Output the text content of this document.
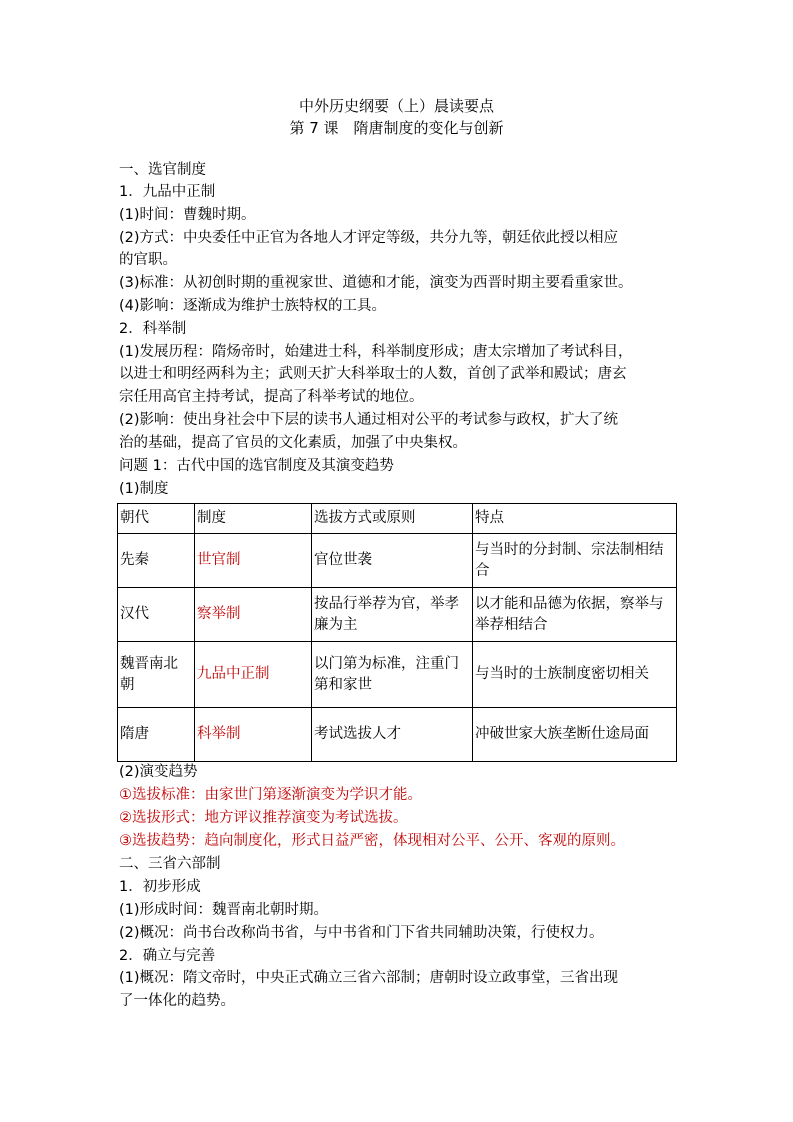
中外历史纲要（上）晨读要点
第 7 课　隋唐制度的变化与创新
一、选官制度
1．九品中正制
(1)时间：曹魏时期。
(2)方式：中央委任中正官为各地人才评定等级，共分九等，朝廷依此授以相应
的官职。
(3)标准：从初创时期的重视家世、道德和才能，演变为西晋时期主要看重家世。
(4)影响：逐渐成为维护士族特权的工具。
2．科举制
(1)发展历程：隋炀帝时，始建进士科，科举制度形成；唐太宗增加了考试科目，
以进士和明经两科为主；武则天扩大科举取士的人数，首创了武举和殿试；唐玄
宗任用高官主持考试，提高了科举考试的地位。
(2)影响：使出身社会中下层的读书人通过相对公平的考试参与政权，扩大了统
治的基础，提高了官员的文化素质，加强了中央集权。
问题 1：古代中国的选官制度及其演变趋势
(1)制度
朝代	制度	选拔方式或原则	特点
先秦	世官制	官位世袭	与当时的分封制、宗法制相结合
汉代	察举制	按品行举荐为官，举孝廉为主	以才能和品德为依据，察举与举荐相结合
魏晋南北朝	九品中正制	以门第为标准，注重门第和家世	与当时的士族制度密切相关
隋唐	科举制	考试选拔人才	冲破世家大族垄断仕途局面
(2)演变趋势
①选拔标准：由家世门第逐渐演变为学识才能。
②选拔形式：地方评议推荐演变为考试选拔。
③选拔趋势：趋向制度化，形式日益严密，体现相对公平、公开、客观的原则。
二、三省六部制
1．初步形成
(1)形成时间：魏晋南北朝时期。
(2)概况：尚书台改称尚书省，与中书省和门下省共同辅助决策，行使权力。
2．确立与完善
(1)概况：隋文帝时，中央正式确立三省六部制；唐朝时设立政事堂，三省出现
了一体化的趋势。
